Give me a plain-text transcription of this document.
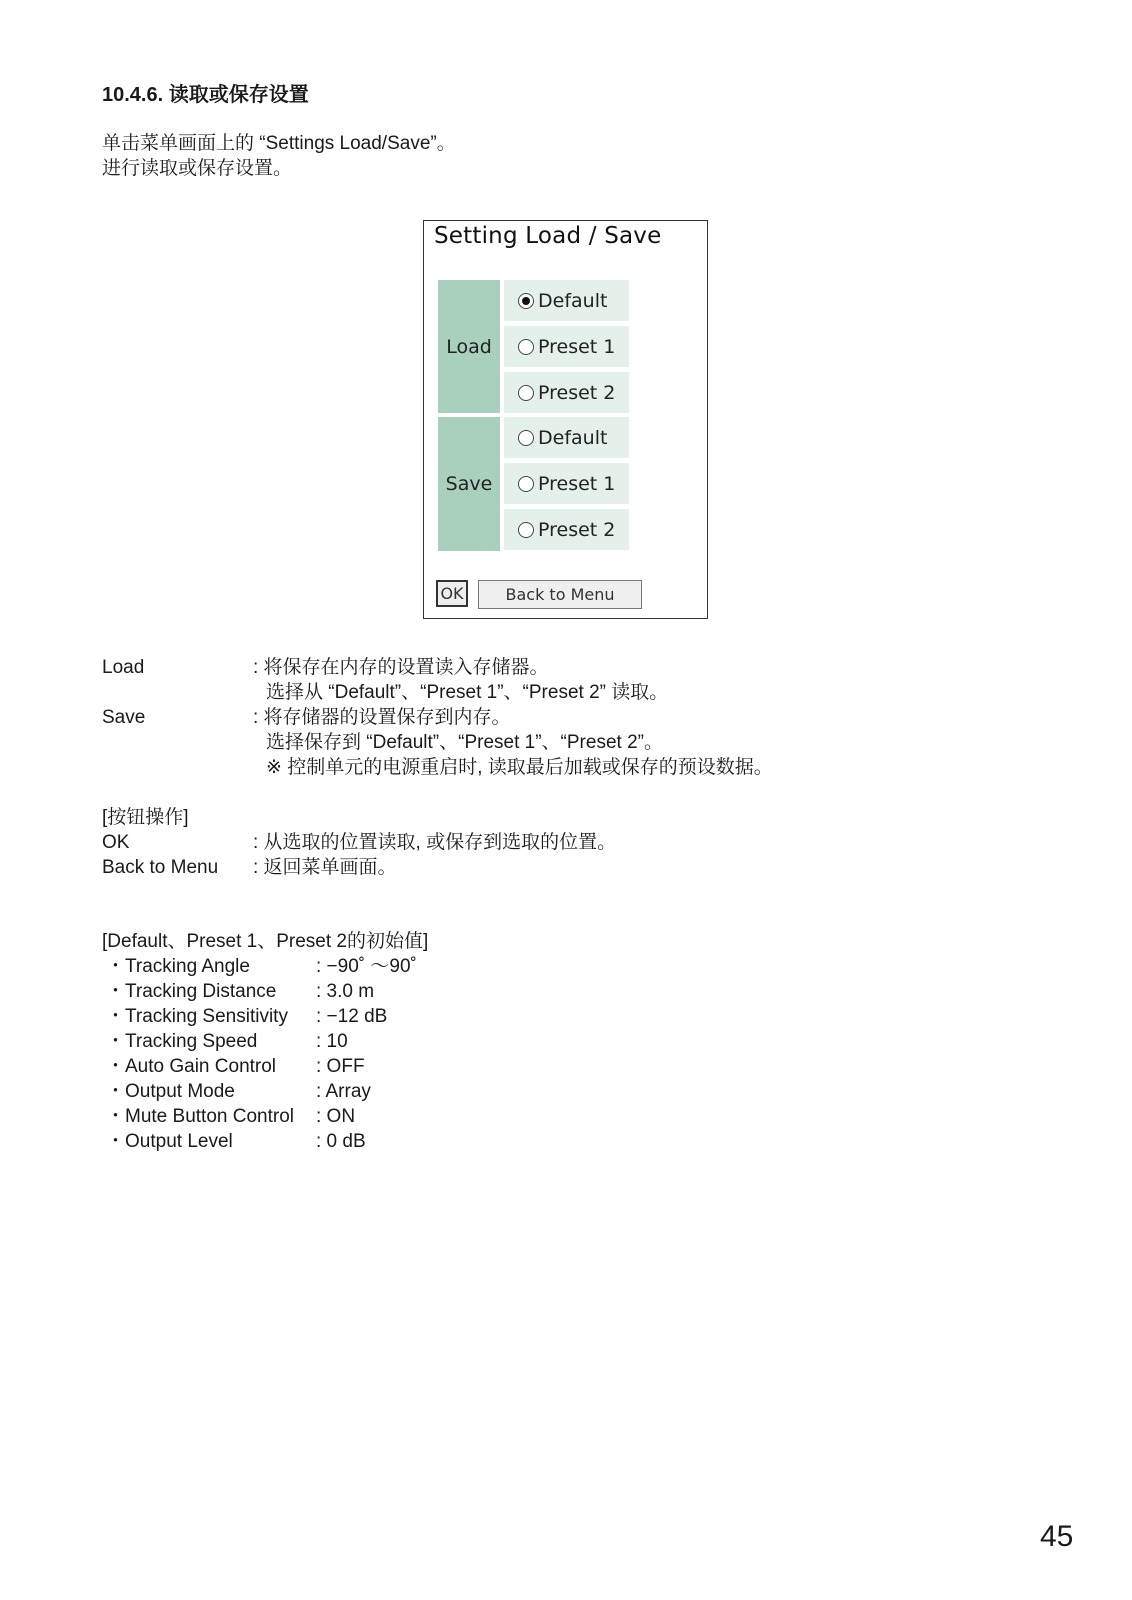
10.4.6. 读取或保存设置
单击菜单画面上的 “Settings Load/Save”。
进行读取或保存设置。
Setting Load / Save
Load
Default
Preset 1
Preset 2
Save
Default
Preset 1
Preset 2
OK	Back to Menu
Load	: 将保存在内存的设置读入存储器。
选择从 “Default”、“Preset 1”、“Preset 2” 读取。
Save	: 将存储器的设置保存到内存。
选择保存到 “Default”、“Preset 1”、“Preset 2”。
※ 控制单元的电源重启时, 读取最后加载或保存的预设数据。
[按钮操作]
OK	: 从选取的位置读取, 或保存到选取的位置。
Back to Menu : 返回菜单画面。
[Default、Preset 1、Preset 2的初始值]
・Tracking Angle	: −90˚ 〜90˚
・Tracking Distance : 3.0 m
・Tracking Sensitivity : −12 dB
・Tracking Speed	: 10
・Auto Gain Control : OFF
・Output Mode	: Array
・Mute Button Control : ON
・Output Level	: 0 dB
45
